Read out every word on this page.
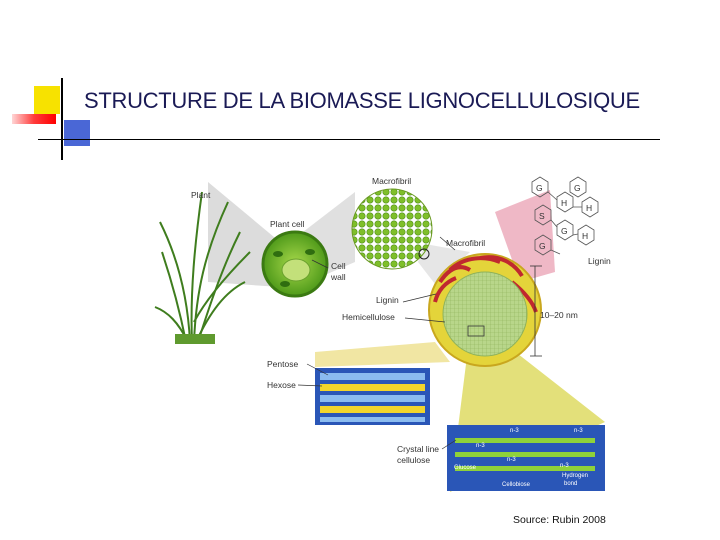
STRUCTURE DE LA BIOMASSE LIGNOCELLULOSIQUE
Plant
Plant cell
Cell
wall
Macrofibril
G
H
S
G
G
H
G
H
Lignin
Macrofibril
Lignin
Hemicellulose	10–20 nm
Pentose
Hexose
n-3	n-3
n-3
n-3
n-3
Glucose
Cellobiose
Hydrogen
bond
Crystal line
cellulose
Source: Rubin 2008
